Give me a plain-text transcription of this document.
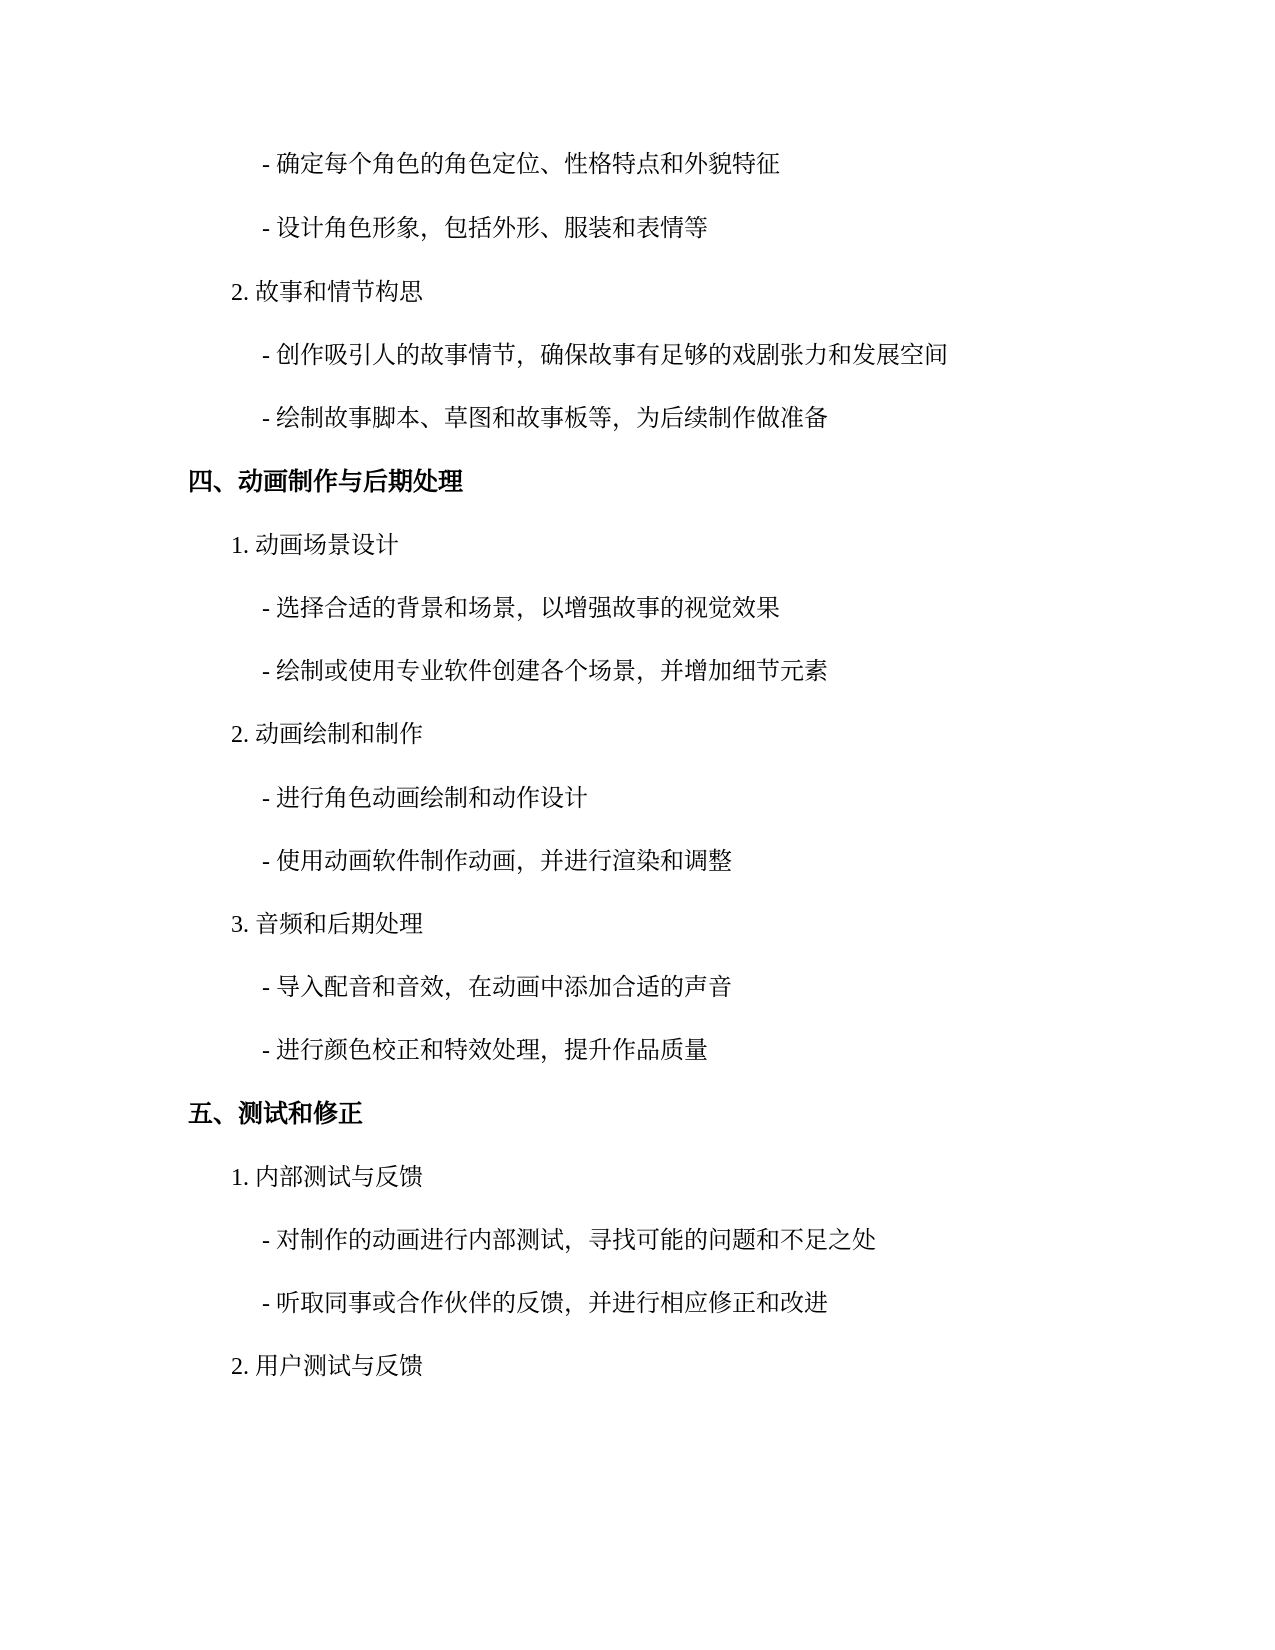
- 确定每个角色的角色定位、性格特点和外貌特征
- 设计角色形象，包括外形、服装和表情等
2. 故事和情节构思
- 创作吸引人的故事情节，确保故事有足够的戏剧张力和发展空间
- 绘制故事脚本、草图和故事板等，为后续制作做准备
四、动画制作与后期处理
1. 动画场景设计
- 选择合适的背景和场景，以增强故事的视觉效果
- 绘制或使用专业软件创建各个场景，并增加细节元素
2. 动画绘制和制作
- 进行角色动画绘制和动作设计
- 使用动画软件制作动画，并进行渲染和调整
3. 音频和后期处理
- 导入配音和音效，在动画中添加合适的声音
- 进行颜色校正和特效处理，提升作品质量
五、测试和修正
1. 内部测试与反馈
- 对制作的动画进行内部测试，寻找可能的问题和不足之处
- 听取同事或合作伙伴的反馈，并进行相应修正和改进
2. 用户测试与反馈
